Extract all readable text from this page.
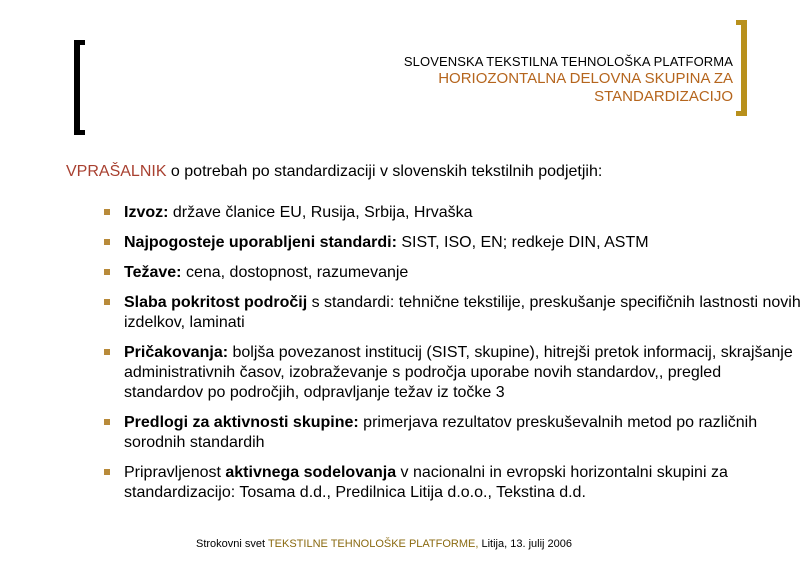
SLOVENSKA TEKSTILNA TEHNOLOŠKA PLATFORMA
HORIOZONTALNA DELOVNA SKUPINA ZA
STANDARDIZACIJO
VPRAŠALNIK o potrebah po standardizaciji v slovenskih tekstilnih podjetjih:
Izvoz: države članice EU, Rusija, Srbija, Hrvaška
Najpogosteje uporabljeni standardi: SIST, ISO, EN; redkeje DIN, ASTM
Težave: cena, dostopnost, razumevanje
Slaba pokritost področij s standardi: tehnične tekstilije, preskušanje specifičnih lastnosti novih izdelkov, laminati
Pričakovanja: boljša povezanost institucij (SIST, skupine), hitrejši pretok informacij, skrajšanje administrativnih časov, izobraževanje s področja uporabe novih standardov,, pregled standardov po področjih, odpravljanje težav iz točke 3
Predlogi za aktivnosti skupine: primerjava rezultatov preskuševalnih metod po različnih sorodnih standardih
Pripravljenost aktivnega sodelovanja v nacionalni in evropski horizontalni skupini za standardizacijo: Tosama d.d., Predilnica Litija d.o.o., Tekstina d.d.
Strokovni svet TEKSTILNE TEHNOLOŠKE PLATFORME, Litija, 13. julij 2006
